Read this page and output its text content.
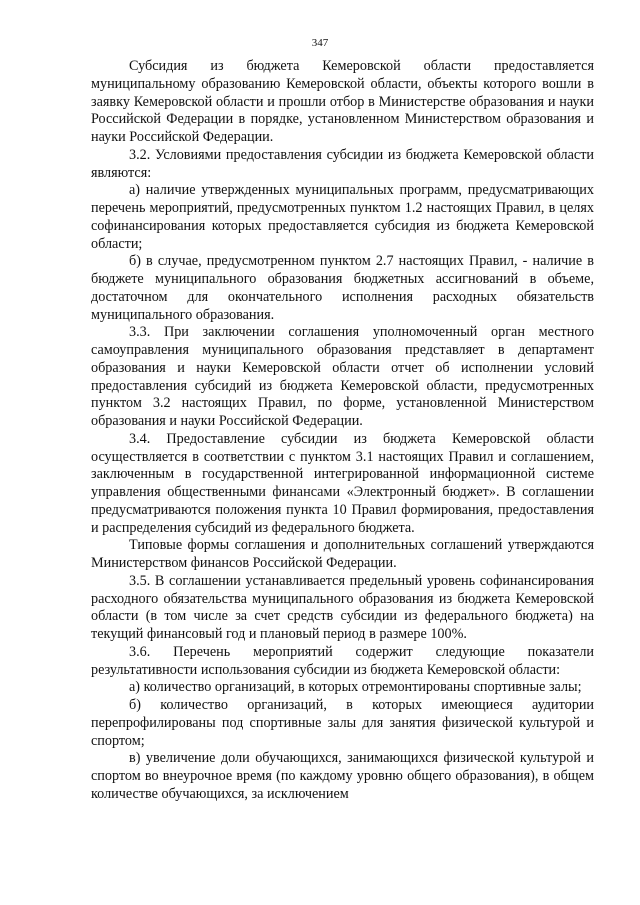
347

Субсидия из бюджета Кемеровской области предоставляется муниципальному образованию Кемеровской области, объекты которого вошли в заявку Кемеровской области и прошли отбор в Министерстве образования и науки Российской Федерации в порядке, установленном Министерством образования и науки Российской Федерации.

3.2. Условиями предоставления субсидии из бюджета Кемеровской области являются:

а) наличие утвержденных муниципальных программ, предусматривающих перечень мероприятий, предусмотренных пунктом 1.2 настоящих Правил, в целях софинансирования которых предоставляется субсидия из бюджета Кемеровской области;

б) в случае, предусмотренном пунктом 2.7 настоящих Правил, - наличие в бюджете муниципального образования бюджетных ассигнований в объеме, достаточном для окончательного исполнения расходных обязательств муниципального образования.

3.3. При заключении соглашения уполномоченный орган местного самоуправления муниципального образования представляет в департамент образования и науки Кемеровской области отчет об исполнении условий предоставления субсидий из бюджета Кемеровской области, предусмотренных пунктом 3.2 настоящих Правил, по форме, установленной Министерством образования и науки Российской Федерации.

3.4. Предоставление субсидии из бюджета Кемеровской области осуществляется в соответствии с пунктом 3.1 настоящих Правил и соглашением, заключенным в государственной интегрированной информационной системе управления общественными финансами «Электронный бюджет». В соглашении предусматриваются положения пункта 10 Правил формирования, предоставления и распределения субсидий из федерального бюджета.

Типовые формы соглашения и дополнительных соглашений утверждаются Министерством финансов Российской Федерации.

3.5. В соглашении устанавливается предельный уровень софинансирования расходного обязательства муниципального образования из бюджета Кемеровской области (в том числе за счет средств субсидии из федерального бюджета) на текущий финансовый год и плановый период в размере 100%.

3.6. Перечень мероприятий содержит следующие показатели результативности использования субсидии из бюджета Кемеровской области:

а) количество организаций, в которых отремонтированы спортивные залы;

б) количество организаций, в которых имеющиеся аудитории перепрофилированы под спортивные залы для занятия физической культурой и спортом;

в) увеличение доли обучающихся, занимающихся физической культурой и спортом во внеурочное время (по каждому уровню общего образования), в общем количестве обучающихся, за исключением
